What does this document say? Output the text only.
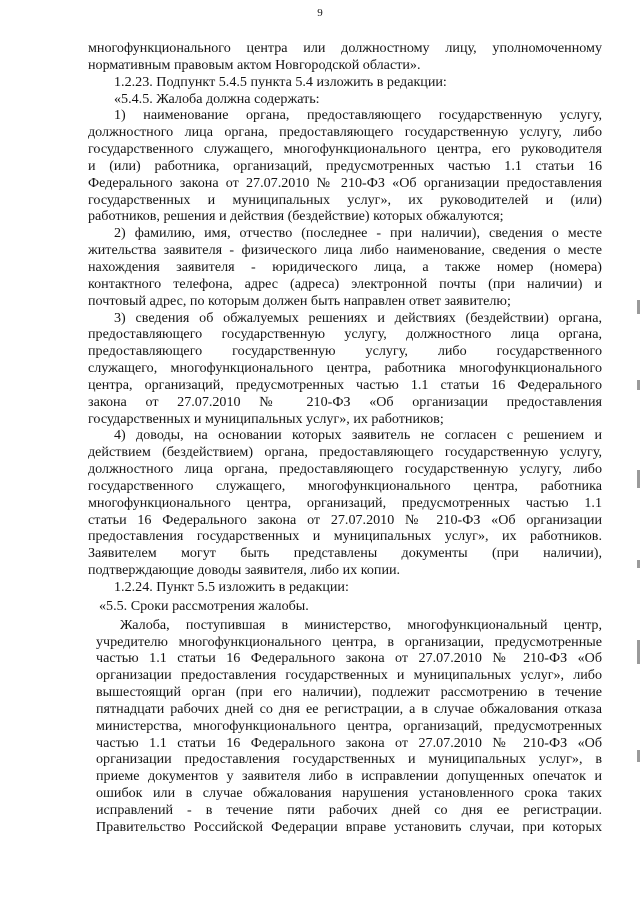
9
многофункционального центра или должностному лицу, уполномоченному
нормативным правовым актом Новгородской области».
1.2.23. Подпункт 5.4.5 пункта 5.4 изложить в редакции:
«5.4.5. Жалоба должна содержать:
1) наименование органа, предоставляющего государственную услугу,
должностного лица органа, предоставляющего государственную услугу, либо
государственного служащего, многофункционального центра, его руководителя
и (или) работника, организаций, предусмотренных частью 1.1 статьи 16
Федерального закона от 27.07.2010 № 210-ФЗ «Об организации предоставления
государственных и муниципальных услуг», их руководителей и (или)
работников, решения и действия (бездействие) которых обжалуются;
2) фамилию, имя, отчество (последнее - при наличии), сведения о месте
жительства заявителя - физического лица либо наименование, сведения о месте
нахождения заявителя - юридического лица, а также номер (номера)
контактного телефона, адрес (адреса) электронной почты (при наличии) и
почтовый адрес, по которым должен быть направлен ответ заявителю;
3) сведения об обжалуемых решениях и действиях (бездействии) органа,
предоставляющего государственную услугу, должностного лица органа,
предоставляющего государственную услугу, либо государственного
служащего, многофункционального центра, работника многофункционального
центра, организаций, предусмотренных частью 1.1 статьи 16 Федерального
закона от 27.07.2010 № 210-ФЗ «Об организации предоставления
государственных и муниципальных услуг», их работников;
4) доводы, на основании которых заявитель не согласен с решением и
действием (бездействием) органа, предоставляющего государственную услугу,
должностного лица органа, предоставляющего государственную услугу, либо
государственного служащего, многофункционального центра, работника
многофункционального центра, организаций, предусмотренных частью 1.1
статьи 16 Федерального закона от 27.07.2010 № 210-ФЗ «Об организации
предоставления государственных и муниципальных услуг», их работников.
Заявителем могут быть представлены документы (при наличии),
подтверждающие доводы заявителя, либо их копии.
1.2.24. Пункт 5.5 изложить в редакции:
«5.5. Сроки рассмотрения жалобы.
Жалоба, поступившая в министерство, многофункциональный центр,
учредителю многофункционального центра, в организации, предусмотренные
частью 1.1 статьи 16 Федерального закона от 27.07.2010 № 210-ФЗ «Об
организации предоставления государственных и муниципальных услуг», либо
вышестоящий орган (при его наличии), подлежит рассмотрению в течение
пятнадцати рабочих дней со дня ее регистрации, а в случае обжалования отказа
министерства, многофункционального центра, организаций, предусмотренных
частью 1.1 статьи 16 Федерального закона от 27.07.2010 № 210-ФЗ «Об
организации предоставления государственных и муниципальных услуг», в
приеме документов у заявителя либо в исправлении допущенных опечаток и
ошибок или в случае обжалования нарушения установленного срока таких
исправлений - в течение пяти рабочих дней со дня ее регистрации.
Правительство Российской Федерации вправе установить случаи, при которых
